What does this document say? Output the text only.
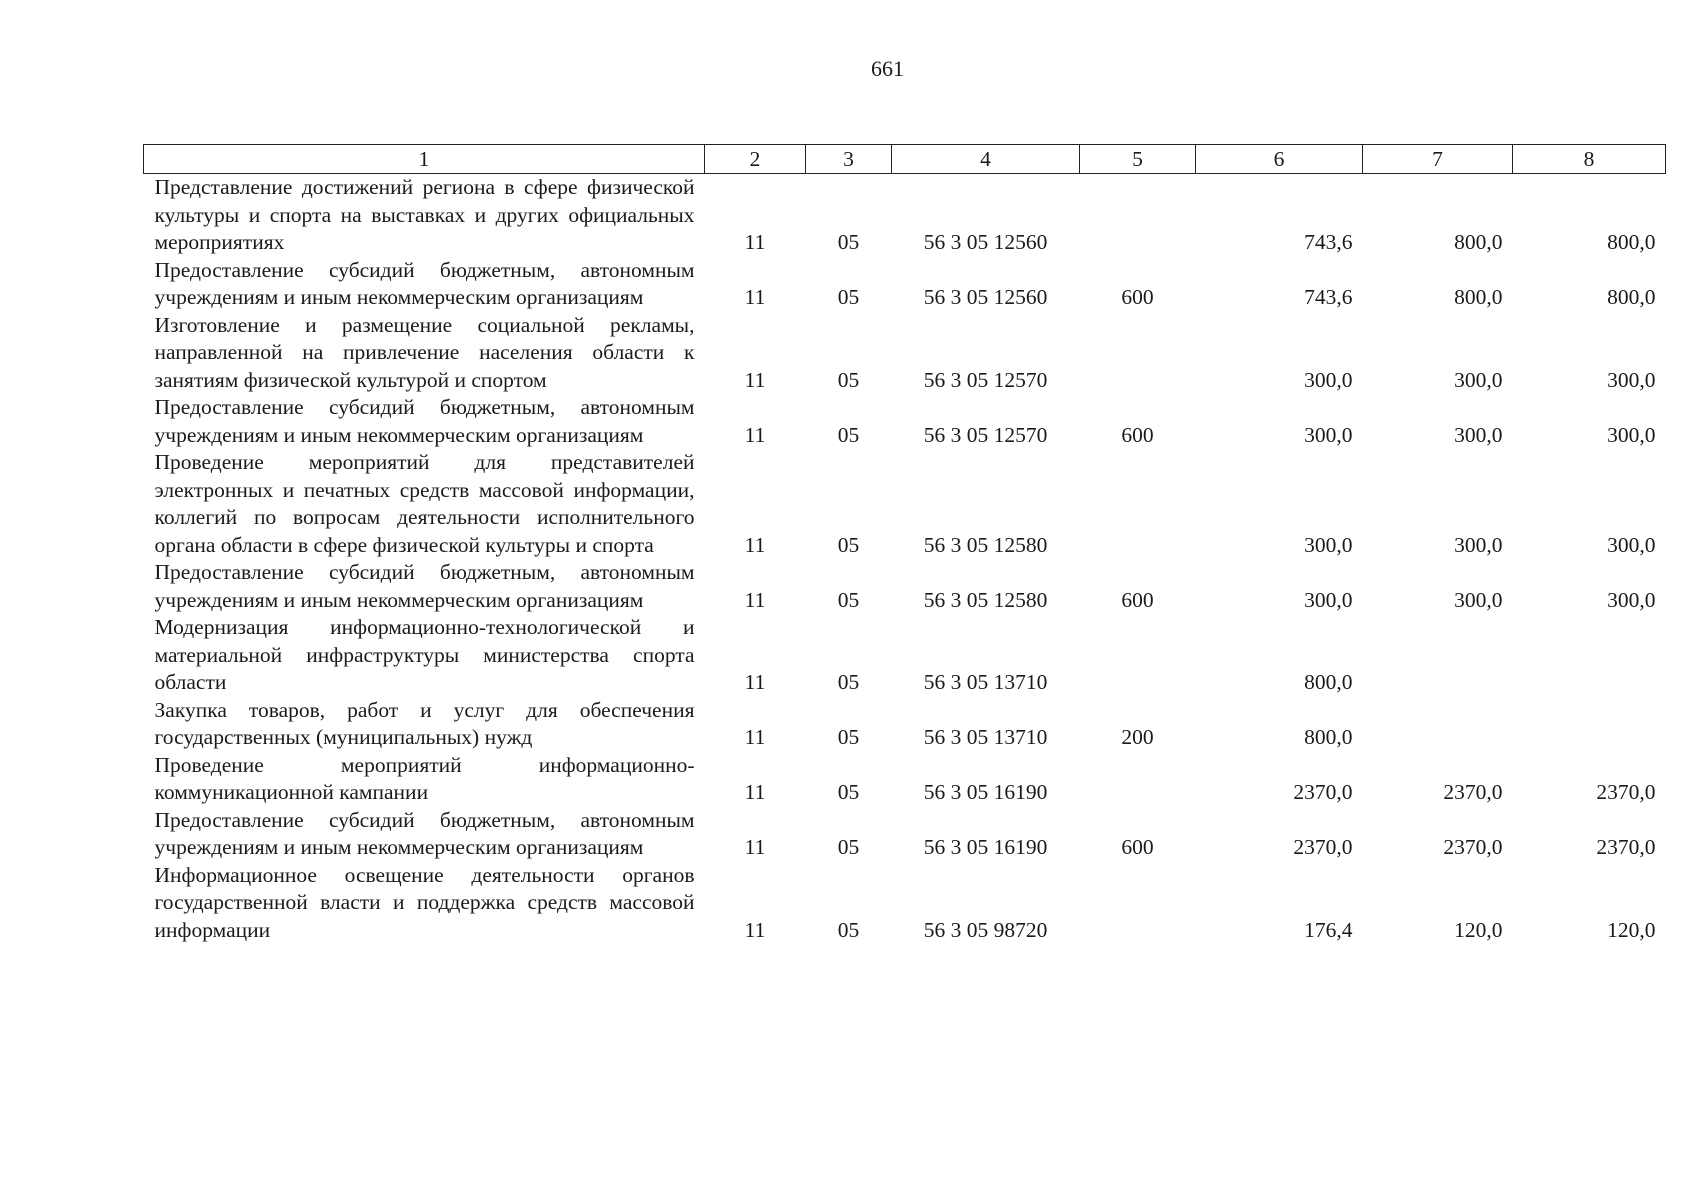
661
1	2	3	4	5	6	7	8
Представление достижений региона в сфере физической культуры и спорта на выставках и других официальных мероприятиях	11	05	56 3 05 12560		743,6	800,0	800,0
Предоставление субсидий бюджетным, автономным учреждениям и иным некоммерческим организациям	11	05	56 3 05 12560	600	743,6	800,0	800,0
Изготовление и размещение социальной рекламы, направленной на привлечение населения области к занятиям физической культурой и спортом	11	05	56 3 05 12570		300,0	300,0	300,0
Предоставление субсидий бюджетным, автономным учреждениям и иным некоммерческим организациям	11	05	56 3 05 12570	600	300,0	300,0	300,0
Проведение мероприятий для представителей электронных и печатных средств массовой информации, коллегий по вопросам деятельности исполнительного органа области в сфере физической культуры и спорта	11	05	56 3 05 12580		300,0	300,0	300,0
Предоставление субсидий бюджетным, автономным учреждениям и иным некоммерческим организациям	11	05	56 3 05 12580	600	300,0	300,0	300,0
Модернизация информационно-технологической и материальной инфраструктуры министерства спорта области	11	05	56 3 05 13710		800,0		
Закупка товаров, работ и услуг для обеспечения государственных (муниципальных) нужд	11	05	56 3 05 13710	200	800,0		
Проведение мероприятий информационно-коммуникационной кампании	11	05	56 3 05 16190		2370,0	2370,0	2370,0
Предоставление субсидий бюджетным, автономным учреждениям и иным некоммерческим организациям	11	05	56 3 05 16190	600	2370,0	2370,0	2370,0
Информационное освещение деятельности органов государственной власти и поддержка средств массовой информации	11	05	56 3 05 98720		176,4	120,0	120,0
